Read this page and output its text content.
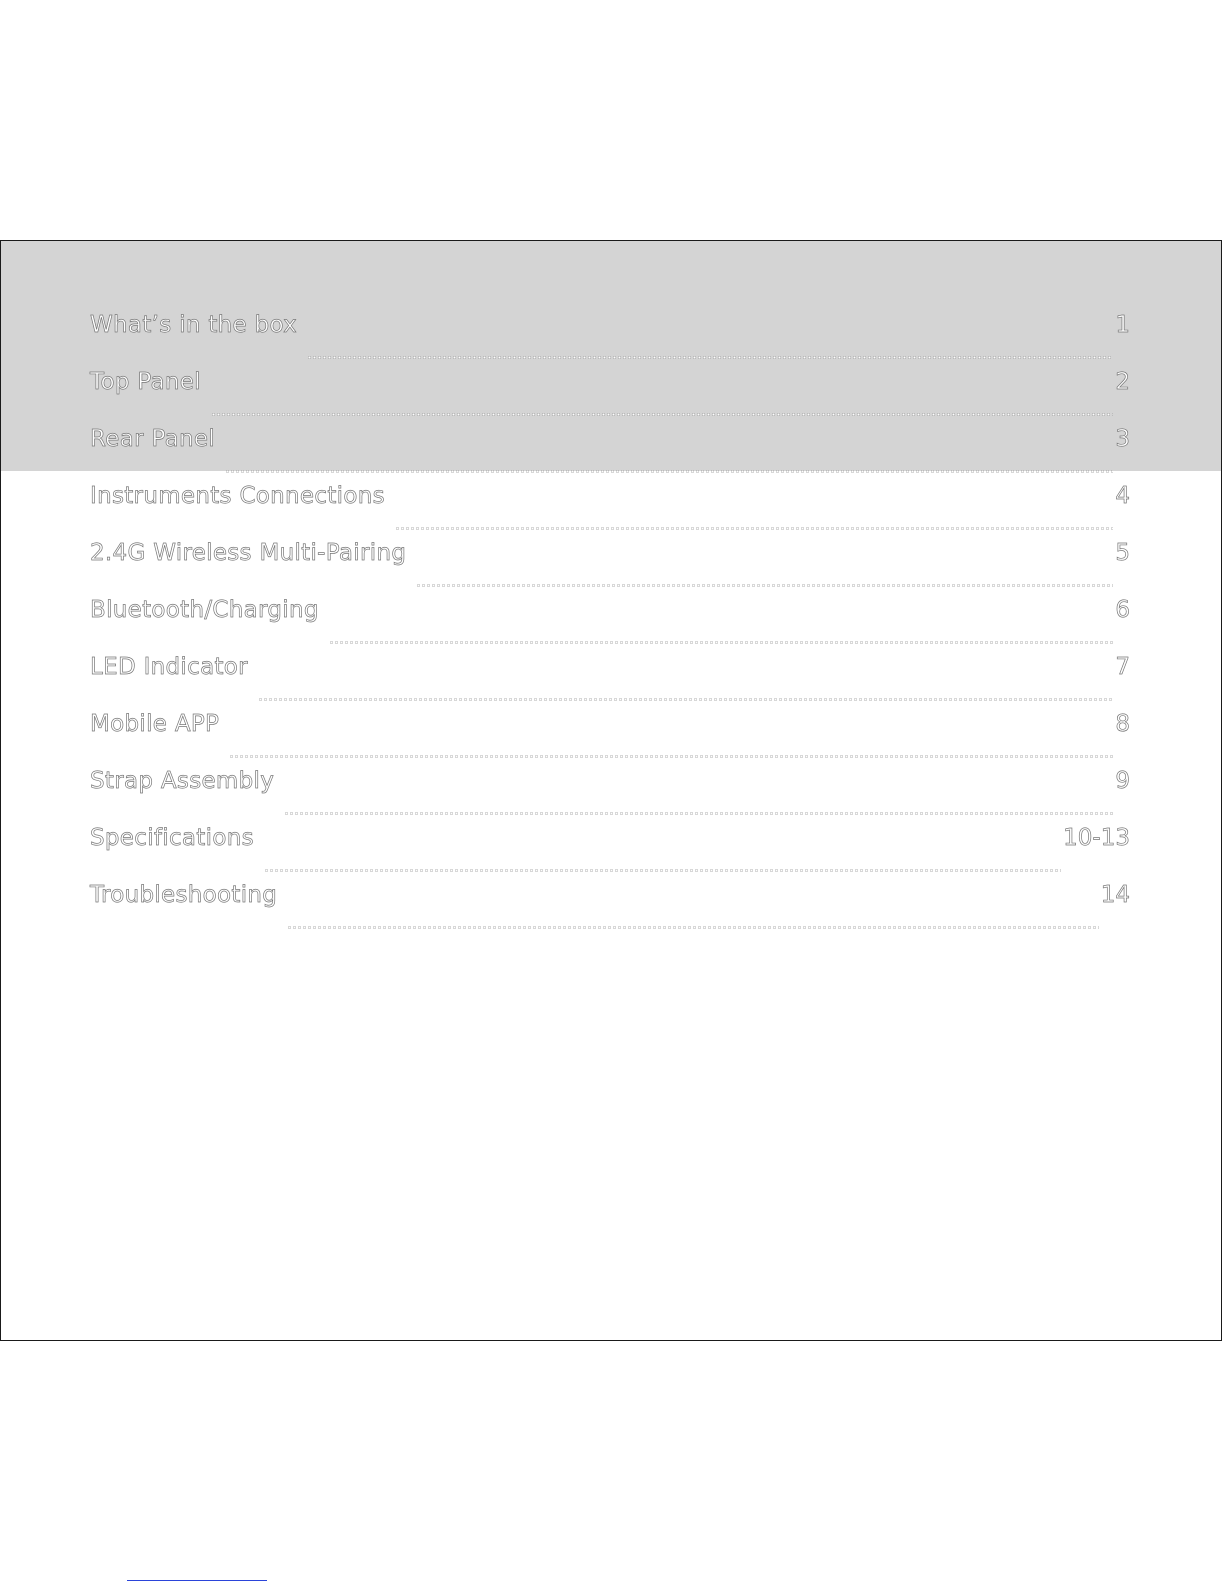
What’s in the box	1
Top Panel	2
Rear Panel	3
Instruments Connections	4
2.4G Wireless Multi-Pairing	5
Bluetooth/Charging	6
LED Indicator	7
Mobile APP	8
Strap Assembly	9
Specifications	10-13
Troubleshooting	14
